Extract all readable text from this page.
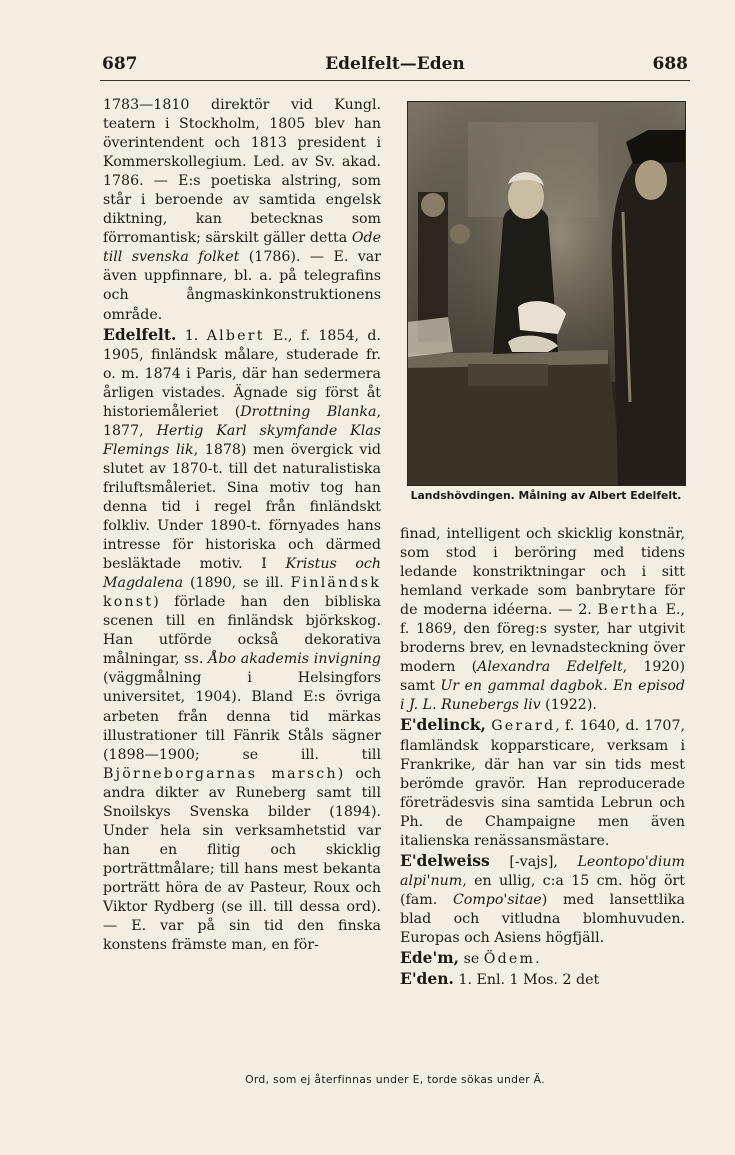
687	Edelfelt—Eden	688

1783—1810 direktör vid Kungl. teatern i Stockholm, 1805 blev han överintendent och 1813 president i Kommerskollegium. Led. av Sv. akad. 1786. — E:s poetiska alstring, som står i beroende av samtida engelsk diktning, kan betecknas som förromantisk; särskilt gäller detta Ode till svenska folket (1786). — E. var även uppfinnare, bl. a. på telegrafins och ångmaskinkonstruktionens område.

Edelfelt. 1. Albert E., f. 1854, d. 1905, finländsk målare, studerade fr. o. m. 1874 i Paris, där han sedermera årligen vistades. Ägnade sig först åt historiemåleriet (Drottning Blanka, 1877, Hertig Karl skymfande Klas Flemings lik, 1878) men övergick vid slutet av 1870-t. till det naturalistiska friluftsmåleriet. Sina motiv tog han denna tid i regel från finländskt folkliv. Under 1890-t. förnyades hans intresse för historiska och därmed besläktade motiv. I Kristus och Magdalena (1890, se ill. Finländsk konst) förlade han den bibliska scenen till en finländsk björkskog. Han utförde också dekorativa målningar, ss. Åbo akademis invigning (väggmålning i Helsingfors universitet, 1904). Bland E:s övriga arbeten från denna tid märkas illustrationer till Fänrik Ståls sägner (1898—1900; se ill. till Björneborgarnas marsch) och andra dikter av Runeberg samt till Snoilskys Svenska bilder (1894). Under hela sin verksamhetstid var han en flitig och skicklig porträttmålare; till hans mest bekanta porträtt höra de av Pasteur, Roux och Viktor Rydberg (se ill. till dessa ord). — E. var på sin tid den finska konstens främste man, en för-

Landshövdingen. Målning av Albert Edelfelt.

finad, intelligent och skicklig konstnär, som stod i beröring med tidens ledande konstriktningar och i sitt hemland verkade som banbrytare för de moderna idéerna. — 2. Bertha E., f. 1869, den föreg:s syster, har utgivit broderns brev, en levnadsteckning över modern (Alexandra Edelfelt, 1920) samt Ur en gammal dagbok. En episod i J. L. Runebergs liv (1922).

E'delinck, Gerard, f. 1640, d. 1707, flamländsk kopparsticare, verksam i Frankrike, där han var sin tids mest berömde gravör. Han reproducerade företrädesvis sina samtida Lebrun och Ph. de Champaigne men även italienska renässansmästare.

E'delweiss [-vajs], Leontopo'dium alpi'num, en ullig, c:a 15 cm. hög ört (fam. Compo'sitae) med lansettlika blad och vitludna blomhuvuden. Europas och Asiens högfjäll.

Ede'm, se Ödem.

E'den. 1. Enl. 1 Mos. 2 det

Ord, som ej återfinnas under E, torde sökas under Ä.
